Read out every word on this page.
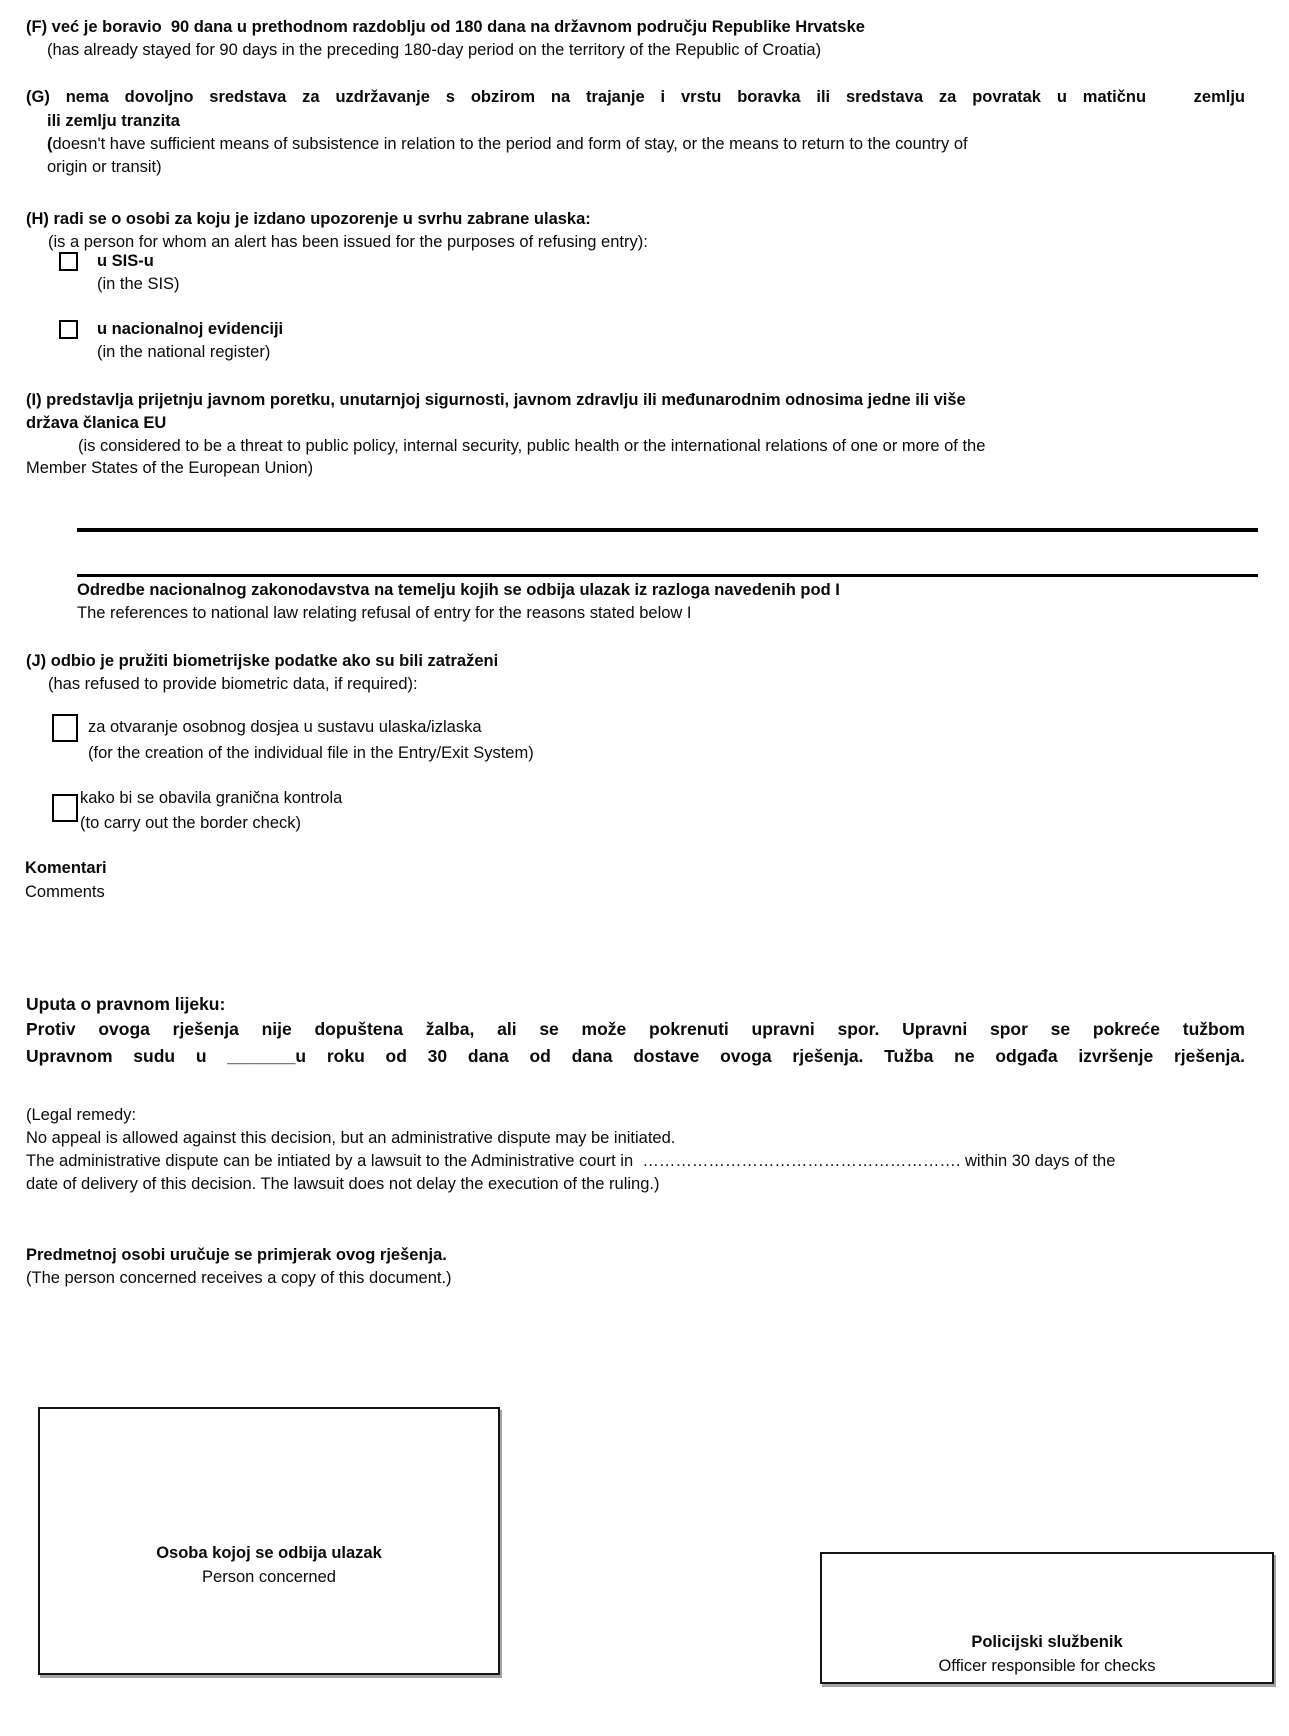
(F) već je boravio  90 dana u prethodnom razdoblju od 180 dana na državnom području Republike Hrvatske
(has already stayed for 90 days in the preceding 180-day period on the territory of the Republic of Croatia)
(G) nema dovoljno sredstava za uzdržavanje s obzirom na trajanje i vrstu boravka ili sredstava za povratak u matičnu   zemlju
ili zemlju tranzita
(doesn't have sufficient means of subsistence in relation to the period and form of stay, or the means to return to the country of
origin or transit)
(H) radi se o osobi za koju je izdano upozorenje u svrhu zabrane ulaska:
(is a person for whom an alert has been issued for the purposes of refusing entry):
u SIS-u
(in the SIS)
u nacionalnoj evidenciji
(in the national register)
(I) predstavlja prijetnju javnom poretku, unutarnjoj sigurnosti, javnom zdravlju ili međunarodnim odnosima jedne ili više
država članica EU
(is considered to be a threat to public policy, internal security, public health or the international relations of one or more of the
Member States of the European Union)
Odredbe nacionalnog zakonodavstva na temelju kojih se odbija ulazak iz razloga navedenih pod I
The references to national law relating refusal of entry for the reasons stated below I
(J) odbio je pružiti biometrijske podatke ako su bili zatraženi
(has refused to provide biometric data, if required):
za otvaranje osobnog dosjea u sustavu ulaska/izlaska
(for the creation of the individual file in the Entry/Exit System)
kako bi se obavila granična kontrola
(to carry out the border check)
Komentari
Comments
Uputa o pravnom lijeku:
Protiv ovoga rješenja nije dopuštena žalba, ali se može pokrenuti upravni spor. Upravni spor se pokreće tužbom
Upravnom sudu u _______u roku od 30 dana od dana dostave ovoga rješenja. Tužba ne odgađa izvršenje rješenja.
(Legal remedy:
No appeal is allowed against this decision, but an administrative dispute may be initiated.
The administrative dispute can be intiated by a lawsuit to the Administrative court in  …………………………………………………. within 30 days of the
date of delivery of this decision. The lawsuit does not delay the execution of the ruling.)
Predmetnoj osobi uručuje se primjerak ovog rješenja.
(The person concerned receives a copy of this document.)
Osoba kojoj se odbija ulazak
Person concerned
Policijski službenik
Officer responsible for checks
